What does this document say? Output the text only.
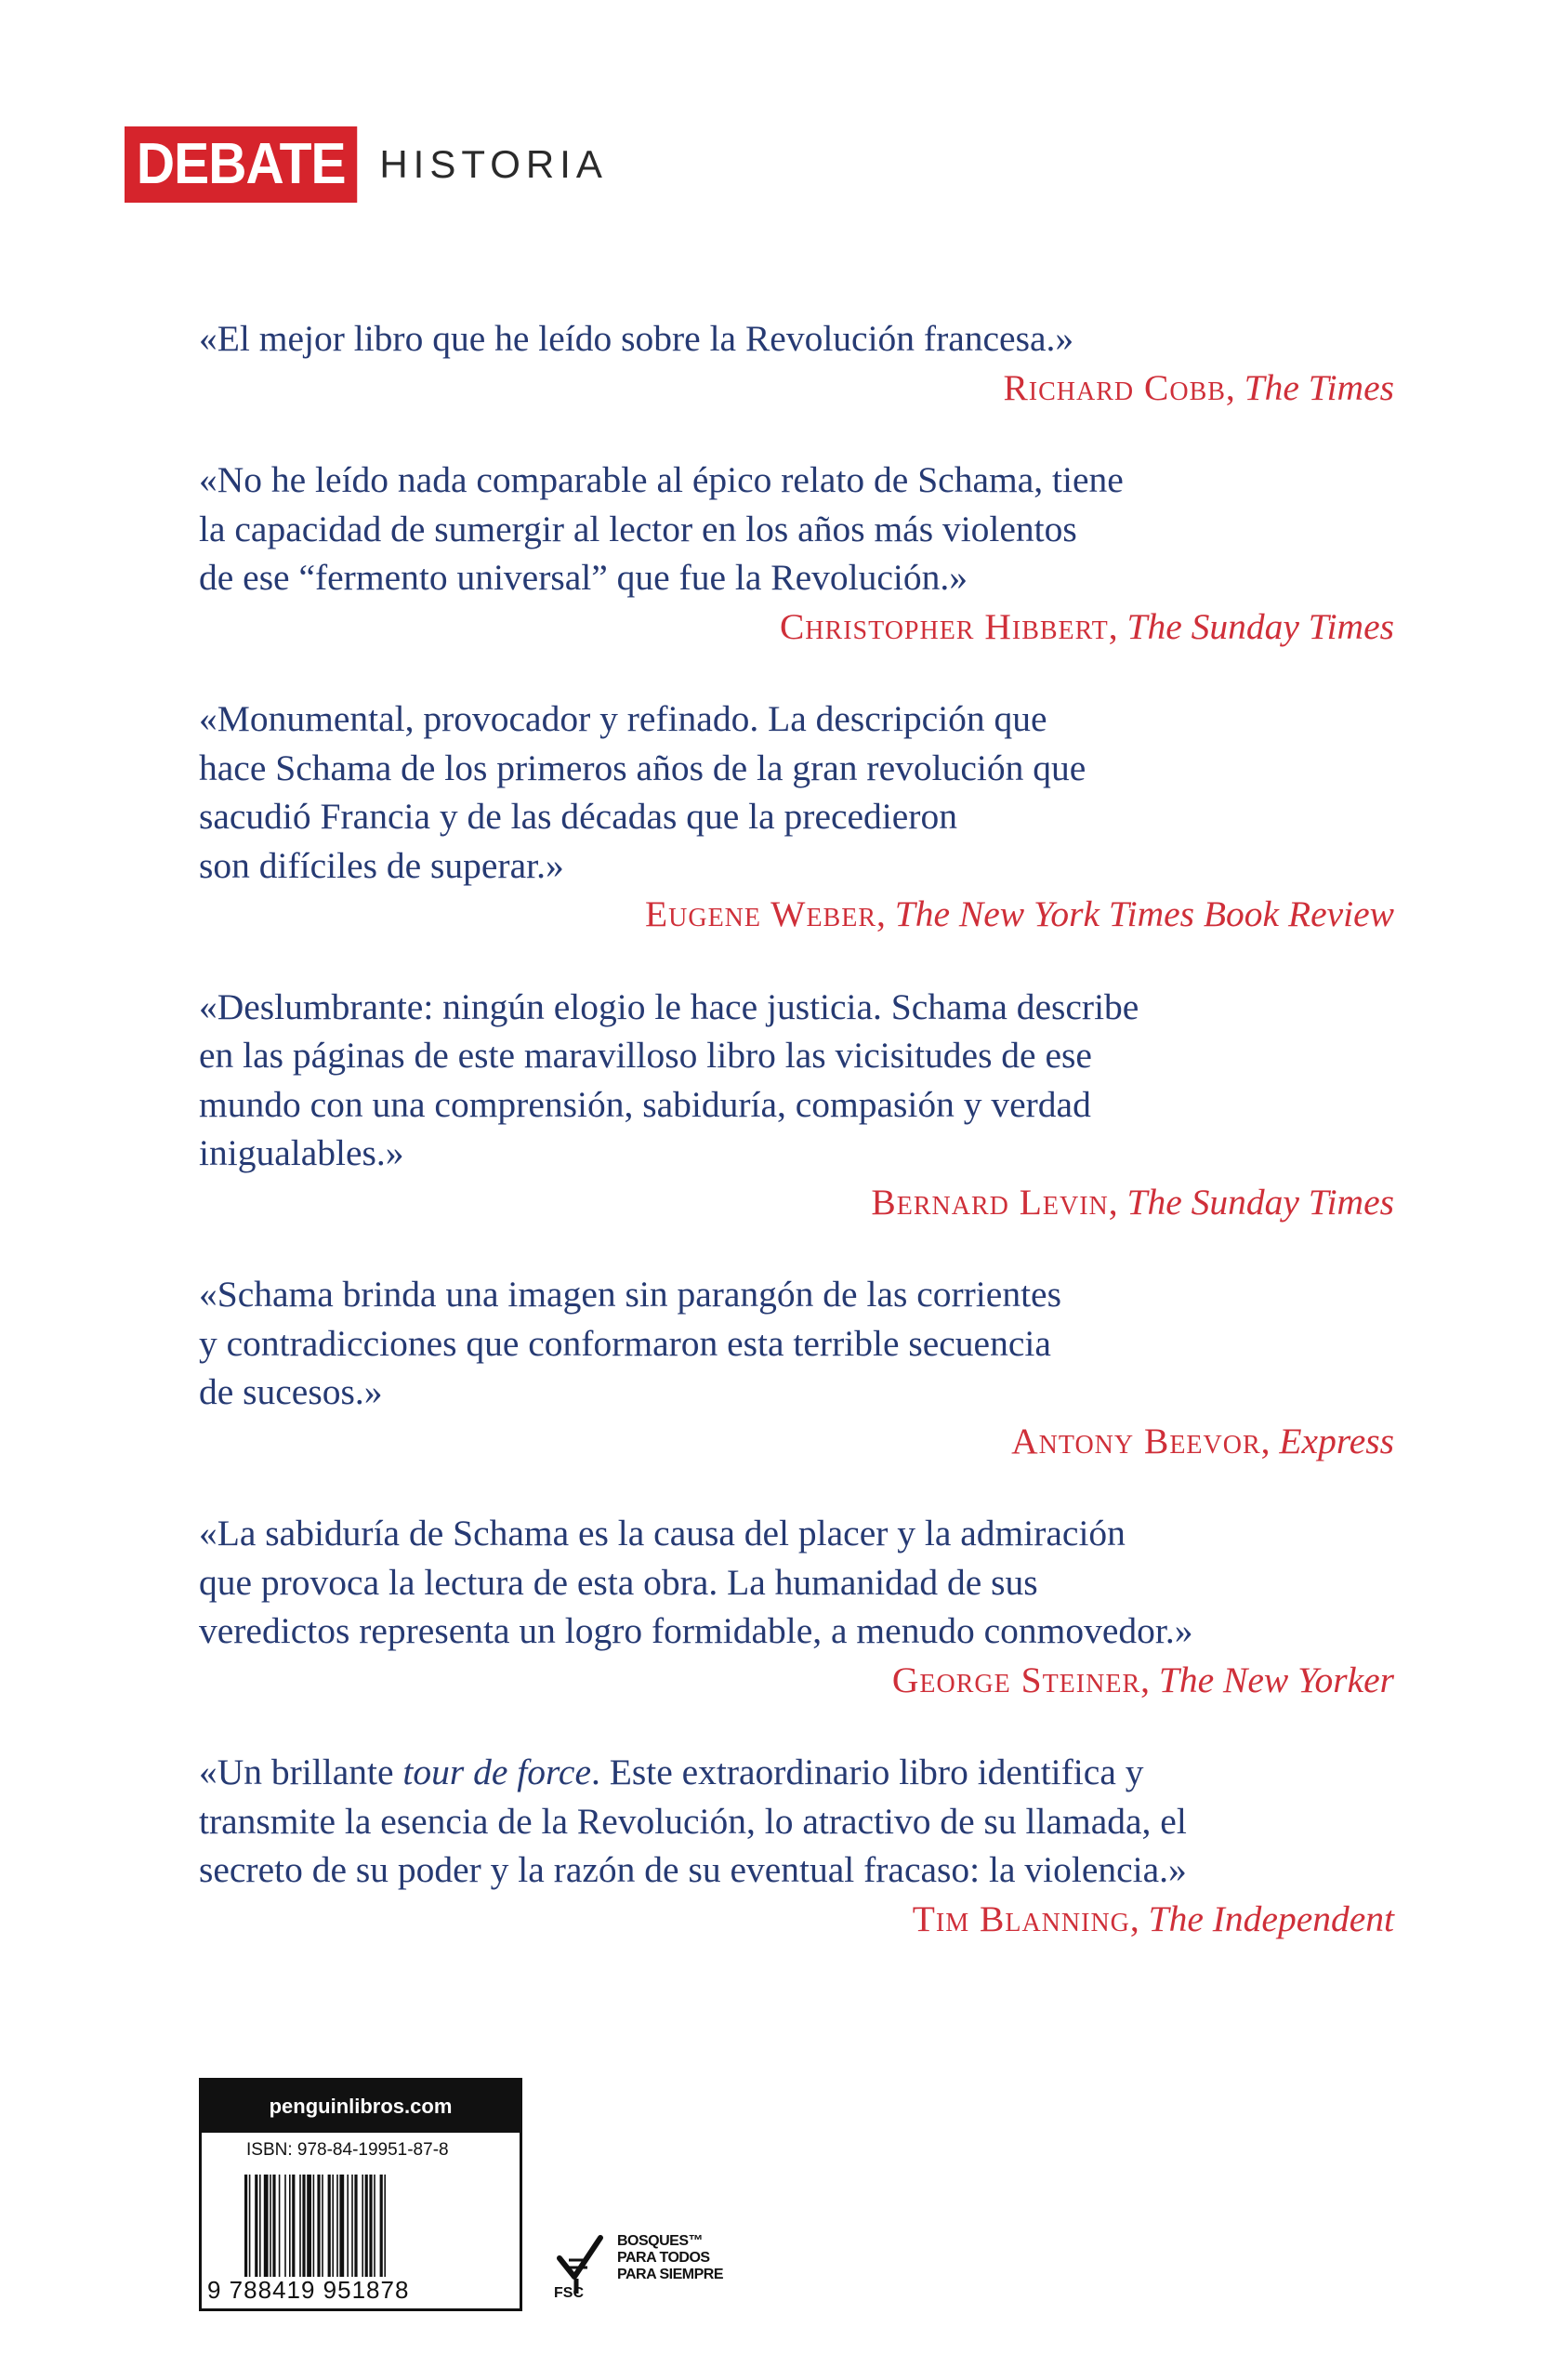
DEBATE HISTORIA

«El mejor libro que he leído sobre la Revolución francesa.»

Richard Cobb, The Times

«No he leído nada comparable al épico relato de Schama, tiene
la capacidad de sumergir al lector en los años más violentos
de ese “fermento universal” que fue la Revolución.»

Christopher Hibbert, The Sunday Times

«Monumental, provocador y refinado. La descripción que
hace Schama de los primeros años de la gran revolución que
sacudió Francia y de las décadas que la precedieron
son difíciles de superar.»

Eugene Weber, The New York Times Book Review

«Deslumbrante: ningún elogio le hace justicia. Schama describe
en las páginas de este maravilloso libro las vicisitudes de ese
mundo con una comprensión, sabiduría, compasión y verdad
inigualables.»

Bernard Levin, The Sunday Times

«Schama brinda una imagen sin parangón de las corrientes
y contradicciones que conformaron esta terrible secuencia
de sucesos.»

Antony Beevor, Express

«La sabiduría de Schama es la causa del placer y la admiración
que provoca la lectura de esta obra. La humanidad de sus
veredictos representa un logro formidable, a menudo conmovedor.»

George Steiner, The New Yorker

«Un brillante tour de force. Este extraordinario libro identifica y
transmite la esencia de la Revolución, lo atractivo de su llamada, el
secreto de su poder y la razón de su eventual fracaso: la violencia.»

Tim Blanning, The Independent

penguinlibros.com
ISBN: 978-84-19951-87-8
9 788419 951878	FSC
BOSQUES™
PARA TODOS
PARA SIEMPRE
